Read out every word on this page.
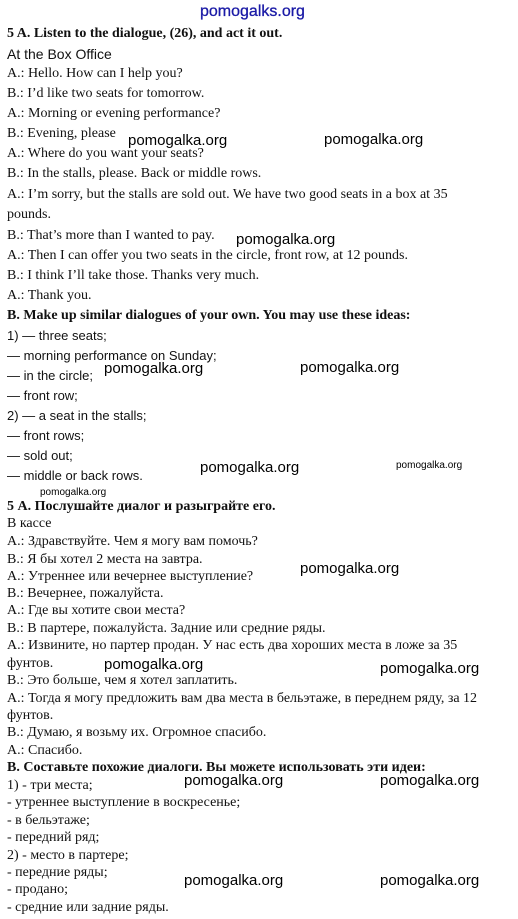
5 A. Listen to the dialogue, (26), and act it out.
At the Box Office
A.: Hello. How can I help you?
B.: I’d like two seats for tomorrow.
A.: Morning or evening performance?
B.: Evening, please
A.: Where do you want your seats?
B.: In the stalls, please. Back or middle rows.
A.: I’m sorry, but the stalls are sold out. We have two good seats in a box at 35
pounds.
B.: That’s more than I wanted to pay.
A.: Then I can offer you two seats in the circle, front row, at 12 pounds.
B.: I think I’ll take those. Thanks very much.
A.: Thank you.
B. Make up similar dialogues of your own. You may use these ideas:
1) — three seats;
— morning performance on Sunday;
— in the circle;
— front row;
2) — a seat in the stalls;
— front rows;
— sold out;
— middle or back rows.
5 А. Послушайте диалог и разыграйте его.
В кассе
А.: Здравствуйте. Чем я могу вам помочь?
В.: Я бы хотел 2 места на завтра.
А.: Утреннее или вечернее выступление?
В.: Вечернее, пожалуйста.
А.: Где вы хотите свои места?
В.: В партере, пожалуйста. Задние или средние ряды.
А.: Извините, но партер продан. У нас есть два хороших места в ложе за 35
фунтов.
В.: Это больше, чем я хотел заплатить.
А.: Тогда я могу предложить вам два места в бельэтаже, в переднем ряду, за 12 фунтов.
В.: Думаю, я возьму их. Огромное спасибо.
А.: Спасибо.
В. Составьте похожие диалоги. Вы можете использовать эти идеи:
1) - три места;
- утреннее выступление в воскресенье;
- в бельэтаже;
- передний ряд;
2) - место в партере;
- передние ряды;
- продано;
- средние или задние ряды.
pomogalks.org
pomogalka.org	pomogalka.org
pomogalka.org
pomogalka.org	pomogalka.org
pomogalka.org	pomogalka.org
pomogalka.org
pomogalka.org
pomogalka.org	pomogalka.org
pomogalka.org	pomogalka.org
pomogalka.org	pomogalka.org
